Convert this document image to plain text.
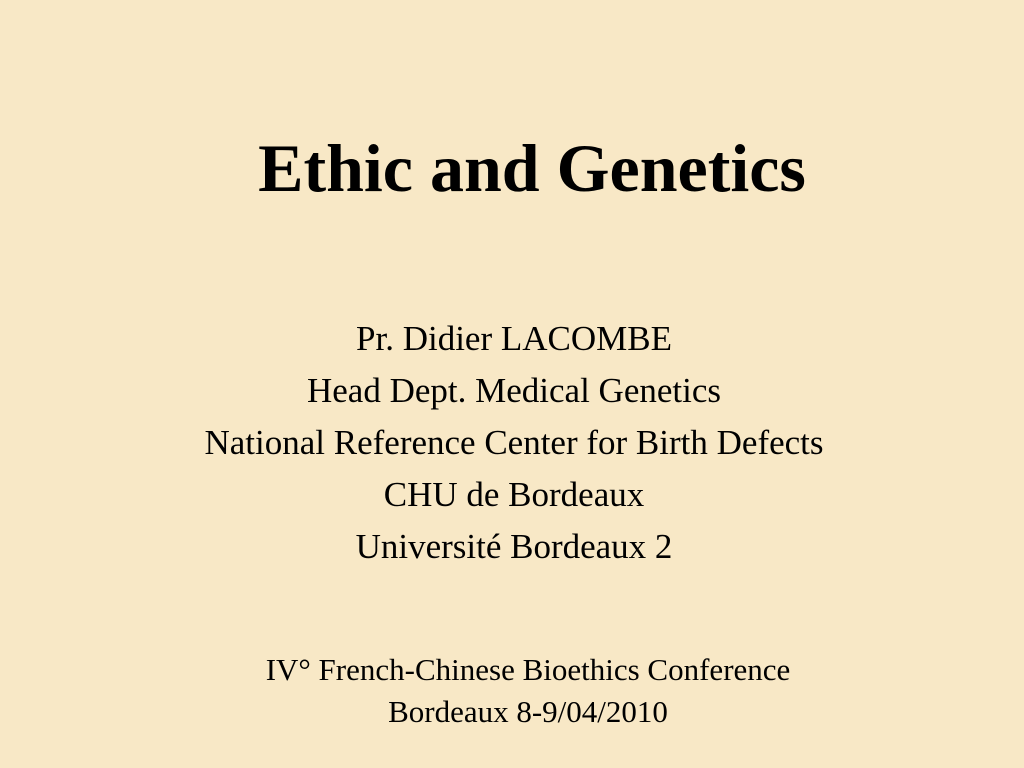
Ethic and Genetics
Pr. Didier LACOMBE
Head Dept. Medical Genetics
National Reference Center for Birth Defects
CHU de Bordeaux
Université Bordeaux 2
IV° French-Chinese Bioethics Conference
Bordeaux 8-9/04/2010
